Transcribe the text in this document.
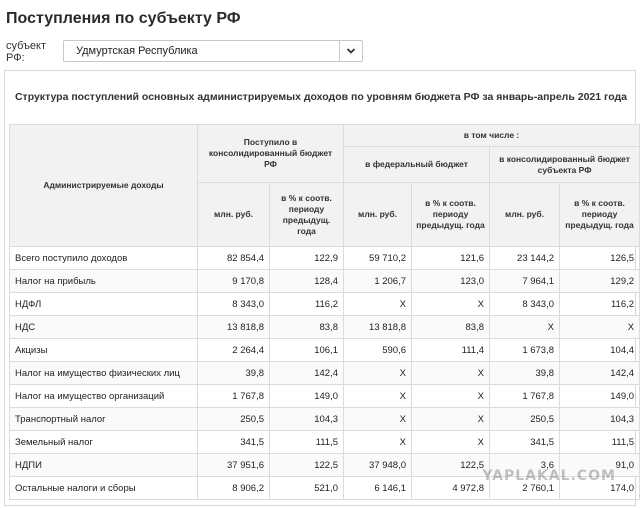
Поступления по субъекту РФ
субъект РФ:
Удмуртская Республика
Структура поступлений основных администрируемых доходов по уровням бюджета РФ за январь-апрель 2021 года
Администрируемые доходы	Поступило в консолидированный бюджет РФ		в том числе :			
			в федеральный бюджет		в консолидированный бюджет субъекта РФ	
	млн. руб.	в % к соотв. периоду предыдущ. года	млн. руб.	в % к соотв. периоду предыдущ. года	млн. руб.	в % к соотв. периоду предыдущ. года
Всего поступило доходов	82 854,4	122,9	59 710,2	121,6	23 144,2	126,5
Налог на прибыль	9 170,8	128,4	1 206,7	123,0	7 964,1	129,2
НДФЛ	8 343,0	116,2	X	X	8 343,0	116,2
НДС	13 818,8	83,8	13 818,8	83,8	X	X
Акцизы	2 264,4	106,1	590,6	111,4	1 673,8	104,4
Налог на имущество физических лиц	39,8	142,4	X	X	39,8	142,4
Налог на имущество организаций	1 767,8	149,0	X	X	1 767,8	149,0
Транспортный налог	250,5	104,3	X	X	250,5	104,3
Земельный налог	341,5	111,5	X	X	341,5	111,5
НДПИ	37 951,6	122,5	37 948,0	122,5	3,6	91,0
Остальные налоги и сборы	8 906,2	521,0	6 146,1	4 972,8	2 760,1	174,0
YAPLAKAL.COM
